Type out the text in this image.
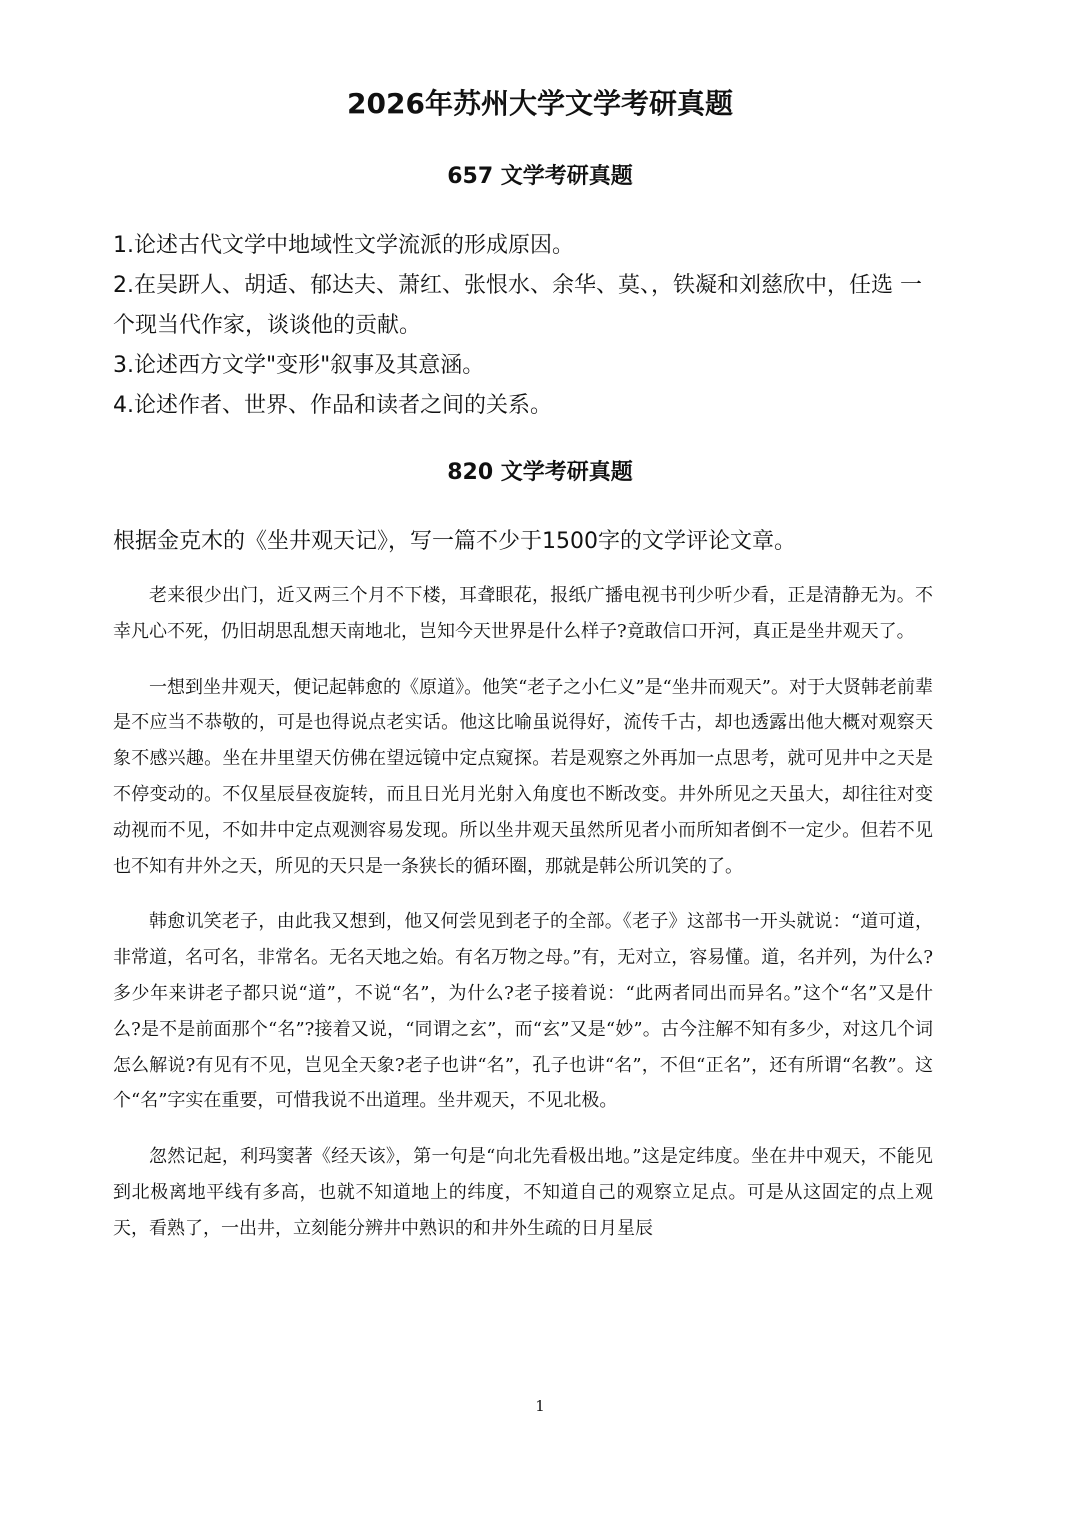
2026年苏州大学文学考研真题
657 文学考研真题
1.论述古代文学中地域性文学流派的形成原因。
2.在吴趼人、胡适、郁达夫、萧红、张恨水、余华、莫、，铁凝和刘慈欣中，任选 一个现当代作家，谈谈他的贡献。
3.论述西方文学"变形"叙事及其意涵。
4.论述作者、世界、作品和读者之间的关系。
820 文学考研真题

根据金克木的《坐井观天记》，写一篇不少于1500字的文学评论文章。

老来很少出门，近又两三个月不下楼，耳聋眼花，报纸广播电视书刊少听少看，正是清静无为。不幸凡心不死，仍旧胡思乱想天南地北，岂知今天世界是什么样子?竟敢信口开河，真正是坐井观天了。

一想到坐井观天，便记起韩愈的《原道》。他笑“老子之小仁义”是“坐井而观天”。对于大贤韩老前辈是不应当不恭敬的，可是也得说点老实话。他这比喻虽说得好，流传千古，却也透露出他大概对观察天象不感兴趣。坐在井里望天仿佛在望远镜中定点窥探。若是观察之外再加一点思考，就可见井中之天是不停变动的。不仅星辰昼夜旋转，而且日光月光射入角度也不断改变。井外所见之天虽大，却往往对变动视而不见，不如井中定点观测容易发现。所以坐井观天虽然所见者小而所知者倒不一定少。但若不见也不知有井外之天，所见的天只是一条狭长的循环圈，那就是韩公所讥笑的了。

韩愈讥笑老子，由此我又想到，他又何尝见到老子的全部。《老子》这部书一开头就说：“道可道，非常道，名可名，非常名。无名天地之始。有名万物之母。”有，无对立，容易懂。道，名并列，为什么?多少年来讲老子都只说“道”，不说“名”，为什么?老子接着说：“此两者同出而异名。”这个“名”又是什么?是不是前面那个“名”?接着又说，“同谓之玄”，而“玄”又是“妙”。古今注解不知有多少，对这几个词怎么解说?有见有不见，岂见全天象?老子也讲“名”，孔子也讲“名”，不但“正名”，还有所谓“名教”。这个“名”字实在重要，可惜我说不出道理。坐井观天，不见北极。

忽然记起，利玛窦著《经天该》，第一句是“向北先看极出地。”这是定纬度。坐在井中观天，不能见到北极离地平线有多高，也就不知道地上的纬度，不知道自己的观察立足点。可是从这固定的点上观天，看熟了，一出井，立刻能分辨井中熟识的和井外生疏的日月星辰

1
